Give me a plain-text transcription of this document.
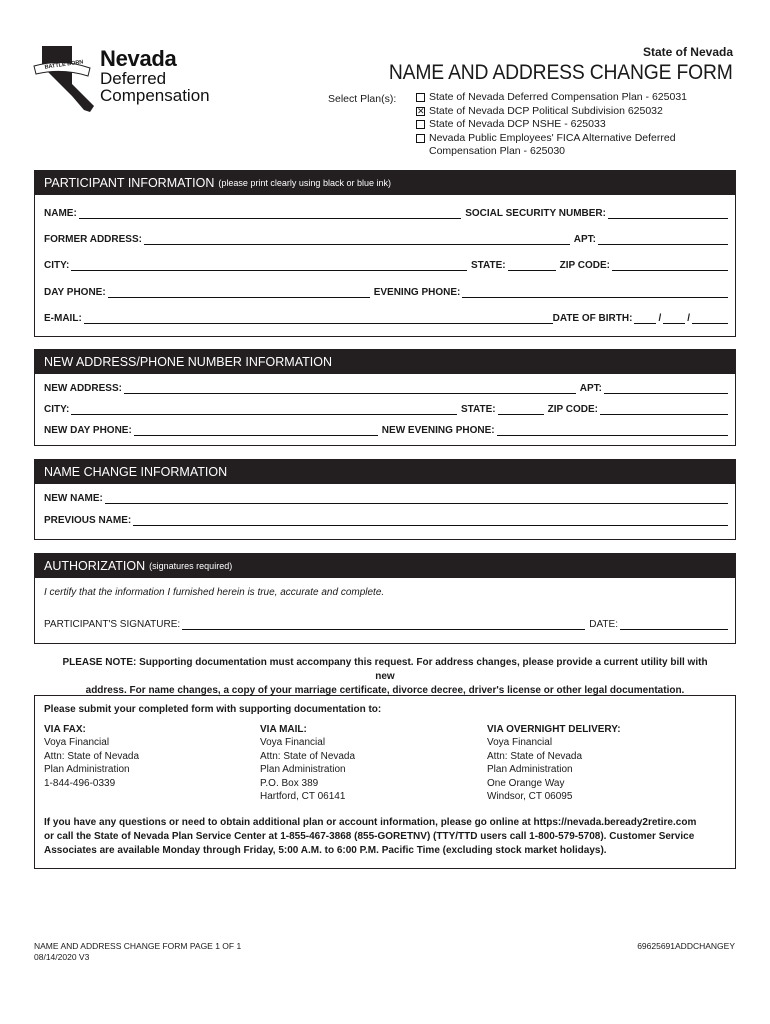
BATTLE BORN Nevada
Deferred
Compensation
State of Nevada
NAME AND ADDRESS CHANGE FORM
Select Plan(s):	State of Nevada Deferred Compensation Plan - 625031
✕
State of Nevada DCP Political Subdivision 625032
State of Nevada DCP NSHE - 625033
Nevada Public Employees' FICA Alternative Deferred
Compensation Plan - 625030
PARTICIPANT INFORMATION (please print clearly using black or blue ink)
NAME:	SOCIAL SECURITY NUMBER:
FORMER ADDRESS:	APT:
CITY:	STATE:	ZIP CODE:
DAY PHONE:	EVENING PHONE:
E-MAIL:	DATE OF BIRTH:	/	/
NEW ADDRESS/PHONE NUMBER INFORMATION
NEW ADDRESS:	APT:
CITY:	STATE:	ZIP CODE:
NEW DAY PHONE:	NEW EVENING PHONE:
NAME CHANGE INFORMATION
NEW NAME:
PREVIOUS NAME:
AUTHORIZATION (signatures required)
I certify that the information I furnished herein is true, accurate and complete.
PARTICIPANT'S SIGNATURE:	DATE:
PLEASE NOTE: Supporting documentation must accompany this request. For address changes, please provide a current utility bill with new
address. For name changes, a copy of your marriage certificate, divorce decree, driver's license or other legal documentation.
Please submit your completed form with supporting documentation to:
VIA FAX:
Voya Financial
Attn: State of Nevada
Plan Administration
1-844-496-0339
VIA MAIL:
Voya Financial
Attn: State of Nevada
Plan Administration
P.O. Box 389
Hartford, CT 06141
VIA OVERNIGHT DELIVERY:
Voya Financial
Attn: State of Nevada
Plan Administration
One Orange Way
Windsor, CT 06095
If you have any questions or need to obtain additional plan or account information, please go online at https://nevada.beready2retire.com
or call the State of Nevada Plan Service Center at 1-855-467-3868 (855-GORETNV) (TTY/TTD users call 1-800-579-5708). Customer Service
Associates are available Monday through Friday, 5:00 A.M. to 6:00 P.M. Pacific Time (excluding stock market holidays).
NAME AND ADDRESS CHANGE FORM PAGE 1 OF 1
08/14/2020 V3
69625691ADDCHANGEY
